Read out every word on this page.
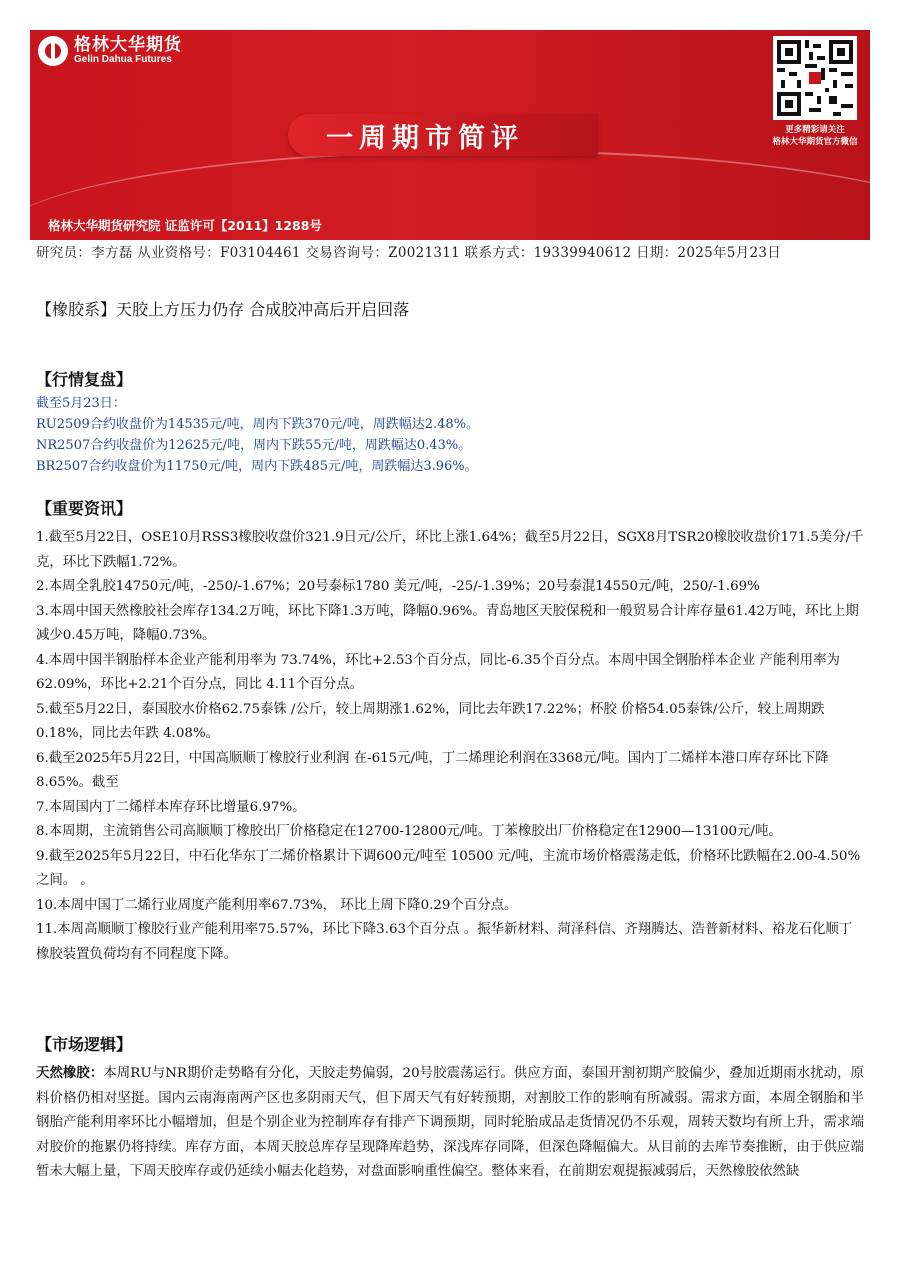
格林大华期货
Gelin Dahua Futures
一周期市简评	更多精彩请关注
格林大华期货官方微信
格林大华期货研究院 证监许可【2011】1288号
研究员：李方磊 从业资格号：F03104461 交易咨询号：Z0021311 联系方式：19339940612 日期：2025年5月23日
【橡胶系】天胶上方压力仍存 合成胶冲高后开启回落
【行情复盘】
截至5月23日：
RU2509合约收盘价为14535元/吨，周内下跌370元/吨，周跌幅达2.48%。
NR2507合约收盘价为12625元/吨，周内下跌55元/吨，周跌幅达0.43%。
BR2507合约收盘价为11750元/吨，周内下跌485元/吨，周跌幅达3.96%。
【重要资讯】

1.截至5月22日，OSE10月RSS3橡胶收盘价321.9日元/公斤，环比上涨1.64%；截至5月22日，SGX8月TSR20橡胶收盘价171.5美分/千克，环比下跌幅1.72%。

2.本周全乳胶14750元/吨，-250/-1.67%；20号泰标1780 美元/吨，-25/-1.39%；20号泰混14550元/吨，250/-1.69%

3.本周中国天然橡胶社会库存134.2万吨，环比下降1.3万吨，降幅0.96%。青岛地区天胶保税和一般贸易合计库存量61.42万吨，环比上期减少0.45万吨，降幅0.73%。

4.本周中国半钢胎样本企业产能利用率为 73.74%，环比+2.53个百分点，同比-6.35个百分点。本周中国全钢胎样本企业 产能利用率为62.09%，环比+2.21个百分点，同比 4.11个百分点。

5.截至5月22日，泰国胶水价格62.75泰铢 /公斤，较上周期涨1.62%，同比去年跌17.22%；杯胶 价格54.05泰铢/公斤，较上周期跌0.18%，同比去年跌 4.08%。

6.截至2025年5月22日，中国高顺顺丁橡胶行业利润 在-615元/吨，丁二烯理论利润在3368元/吨。国内丁二烯样本港口库存环比下降8.65%。截至

7.本周国内丁二烯样本库存环比增量6.97%。

8.本周期，主流销售公司高顺顺丁橡胶出厂价格稳定在12700-12800元/吨。丁苯橡胶出厂价格稳定在12900—13100元/吨。

9.截至2025年5月22日，中石化华东丁二烯价格累计下调600元/吨至 10500 元/吨，主流市场价格震荡走低，价格环比跌幅在2.00-4.50%之间。 。

10.本周中国丁二烯行业周度产能利用率67.73%， 环比上周下降0.29个百分点。

11.本周高顺顺丁橡胶行业产能利用率75.57%，环比下降3.63个百分点 。振华新材料、菏泽科信、齐翔腾达、浩普新材料、裕龙石化顺丁橡胶装置负荷均有不同程度下降。

【市场逻辑】
天然橡胶：本周RU与NR期价走势略有分化，天胶走势偏弱，20号胶震荡运行。供应方面，泰国开割初期产胶偏少，叠加近期雨水扰动，原料价格仍相对坚挺。国内云南海南两产区也多阴雨天气，但下周天气有好转预期，对割胶工作的影响有所减弱。需求方面，本周全钢胎和半钢胎产能利用率环比小幅增加，但是个别企业为控制库存有排产下调预期，同时轮胎成品走货情况仍不乐观，周转天数均有所上升，需求端对胶价的拖累仍将持续。库存方面，本周天胶总库存呈现降库趋势，深浅库存同降，但深色降幅偏大。从目前的去库节奏推断，由于供应端暂未大幅上量，下周天胶库存或仍延续小幅去化趋势，对盘面影响重性偏空。整体来看，在前期宏观提振减弱后，天然橡胶依然缺
